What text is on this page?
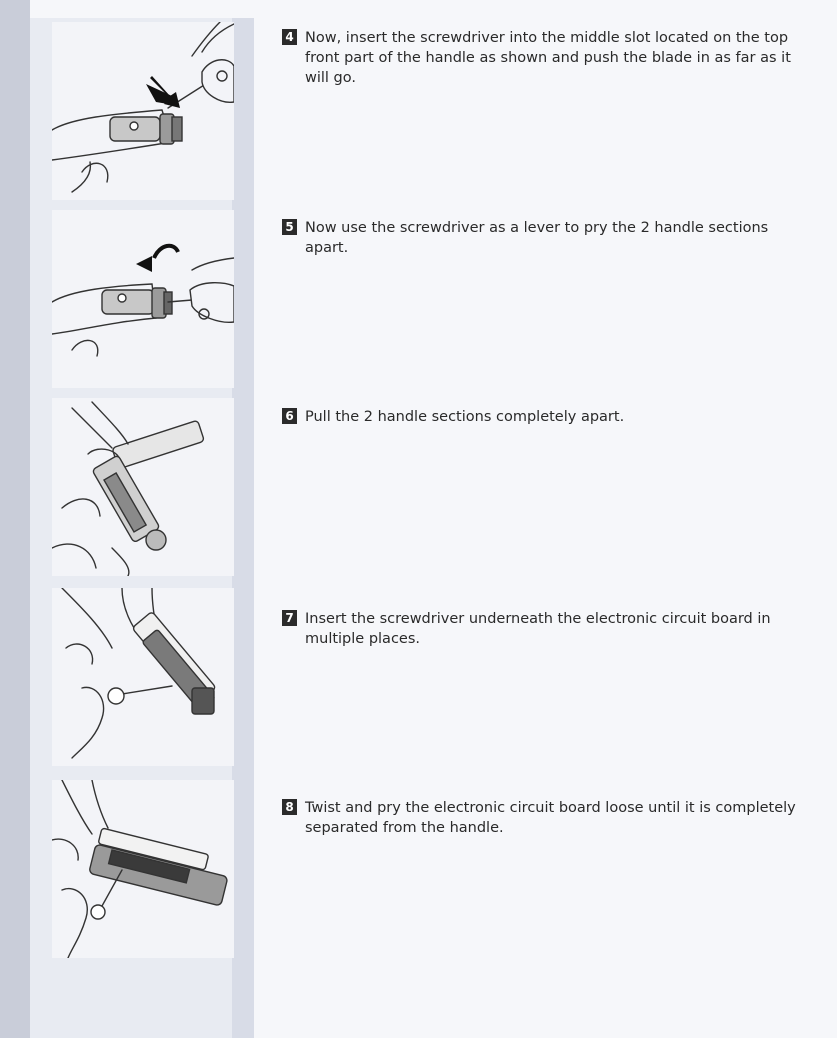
4 Now, insert the screwdriver into the middle slot located on the top front part of the handle as shown and push the blade in as far as it will go.
5 Now use the screwdriver as a lever to pry the 2 handle sections apart.
6 Pull the 2 handle sections completely apart.
7 Insert the screwdriver underneath the electronic circuit board in multiple places.
8 Twist and pry the electronic circuit board loose until it is completely separated from the handle.
